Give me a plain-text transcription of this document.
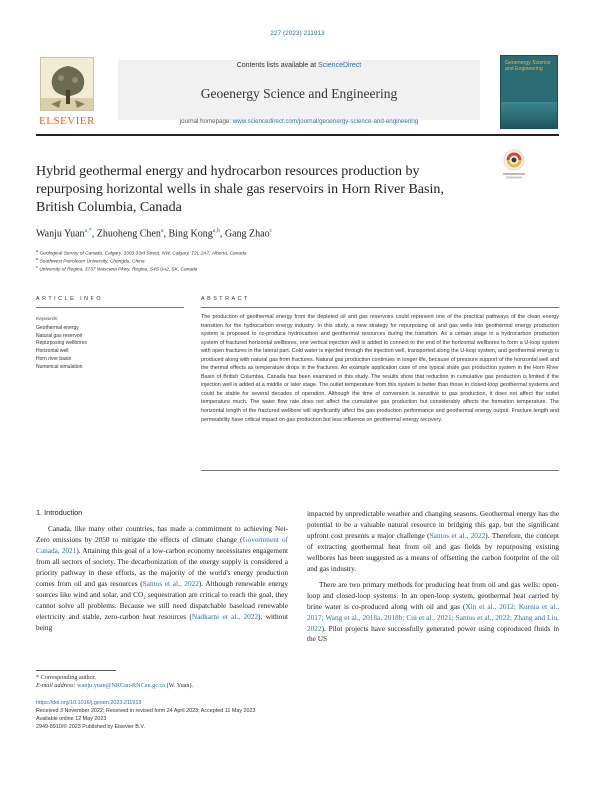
227 (2023) 211913
ELSEVIER
Contents lists available at ScienceDirect
Geoenergy Science and Engineering
journal homepage: www.sciencedirect.com/journal/geoenergy-science-and-engineering
Geoenergy Science and Engineering
Hybrid geothermal energy and hydrocarbon resources production by repurposing horizontal wells in shale gas reservoirs in Horn River Basin, British Columbia, Canada
Wanju Yuan$^{a,*}$, Zhuoheng Chen$^a$, Bing Kong$^{a,b}$, Gang Zhao$^c$
$^a$ Geological Survey of Canada, Calgary, 3303 33rd Street, NW, Calgary, T2L 2A7, Alberta, Canada
$^b$ Southwest Petroleum University, Chengdu, China
$^c$ University of Regina, 3737 Wascana Pkwy, Regina, S4S 0A2, SK, Canada
ARTICLE INFO	ABSTRACT
Keywords:
Geothermal energy
Natural gas reservoir
Repurposing wellbores
Horizontal well
Horn river basin
Numerical simulation

The production of geothermal energy from the depleted oil and gas reservoirs could represent one of the practical pathways of the clean energy transition for the hydrocarbon energy industry. In this study, a new strategy for repurposing oil and gas wells into geothermal energy production system is proposed to co-produce hydrocarbon and geothermal resources during the transition. As a certain stage in a hydrocarbon production system of fractured horizontal wellbores, one vertical injection well is added to connect to the end of the horizontal wellbores to form a U-loop system with open fractures in the lateral part. Cold water is injected through the injection well, transported along the U-loop system, and geothermal energy is produced along with natural gas from fractures. Natural gas production continues in longer life, because of pressure support of the horizontal well and the thermal effects as temperature drops in the fractures. An example application case of one typical shale gas production system in the Horn River Basin of British Columbia, Canada has been examined in this study. The results show that reduction in cumulative gas production is limited if the injection well is added at a middle or later stage. The outlet temperature from this system is better than those in closed-loop geothermal systems and could be stable for several decades of operation. Although the time of conversion is sensitive to gas production, it does not affect the outlet temperature much. The water flow rate does not affect the cumulative gas production but considerably affects the formation temperature. The horizontal length of the fractured wellbore will significantly affect the gas production performance and geothermal energy output. Fracture length and permeability have critical impact on gas production but less influence on geothermal energy recovery.

1. Introduction

Canada, like many other countries, has made a commitment to achieving Net-Zero emissions by 2050 to mitigate the effects of climate change (Government of Canada, 2021). Attaining this goal of a low-carbon economy necessitates engagement from all sectors of society. The decarbonization of the energy supply is considered a priority pathway in these efforts, as the majority of the world's energy production comes from oil and gas resources (Santos et al., 2022). Although renewable energy sources like wind and solar, and CO₂ sequestration are critical to reach the goal, they cannot solve all problems. Because we still need dispatchable baseload renewable electricity and stable, zero-carbon heat resources (Nadkarni et al., 2022), without being

impacted by unpredictable weather and changing seasons. Geothermal energy has the potential to be a valuable natural resource in bridging this gap, but the significant upfront cost presents a major challenge (Santos et al., 2022). Therefore, the concept of extracting geothermal heat from oil and gas fields by repurposing existing wellbores has been suggested as a means of offsetting the carbon footprint of the oil and gas industry.

There are two primary methods for producing heat from oil and gas wells: open-loop and closed-loop systems. In an open-loop system, geothermal heat carried by brine water is co-produced along with oil and gas (Xin et al., 2012; Kurnia et al., 2017; Wang et al., 2018a, 2018b; Cui et al., 2021; Santos et al., 2022; Zhang and Liu, 2022). Pilot projects have successfully generated power using coproduced fluids in the US

* Corresponding author.
E-mail address: wanju.yuan@NRCan-RNCan.gc.ca (W. Yuan).
https://doi.org/10.1016/j.geoen.2023.211913
Received 3 November 2022; Received in revised form 24 April 2023; Accepted 11 May 2023
Available online 12 May 2023
2949-8910/© 2023 Published by Elsevier B.V.
